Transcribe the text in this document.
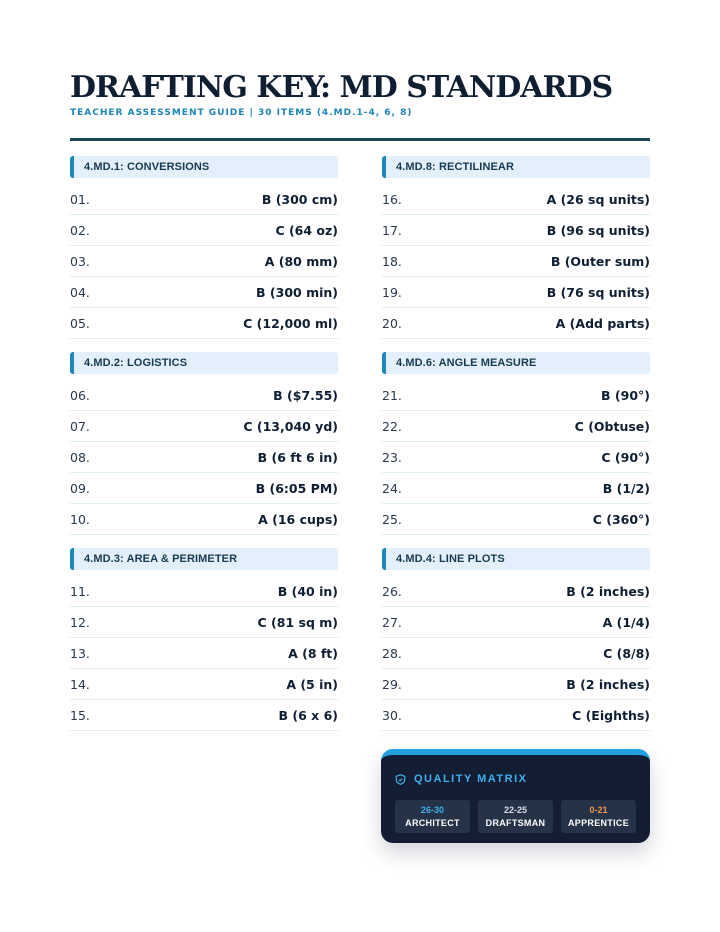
DRAFTING KEY: MD STANDARDS
TEACHER ASSESSMENT GUIDE | 30 ITEMS (4.MD.1-4, 6, 8)
4.MD.1: CONVERSIONS
01.	B (300 cm)
02.	C (64 oz)
03.	A (80 mm)
04.	B (300 min)
05.	C (12,000 ml)
4.MD.2: LOGISTICS
06.	B ($7.55)
07.	C (13,040 yd)
08.	B (6 ft 6 in)
09.	B (6:05 PM)
10.	A (16 cups)
4.MD.3: AREA & PERIMETER
11.	B (40 in)
12.	C (81 sq m)
13.	A (8 ft)
14.	A (5 in)
15.	B (6 x 6)
4.MD.8: RECTILINEAR
16.	A (26 sq units)
17.	B (96 sq units)
18.	B (Outer sum)
19.	B (76 sq units)
20.	A (Add parts)
4.MD.6: ANGLE MEASURE
21.	B (90°)
22.	C (Obtuse)
23.	C (90°)
24.	B (1/2)
25.	C (360°)
4.MD.4: LINE PLOTS
26.	B (2 inches)
27.	A (1/4)
28.	C (8/8)
29.	B (2 inches)
30.	C (Eighths)
QUALITY MATRIX
26-30
ARCHITECT
22-25
DRAFTSMAN
0-21
APPRENTICE
